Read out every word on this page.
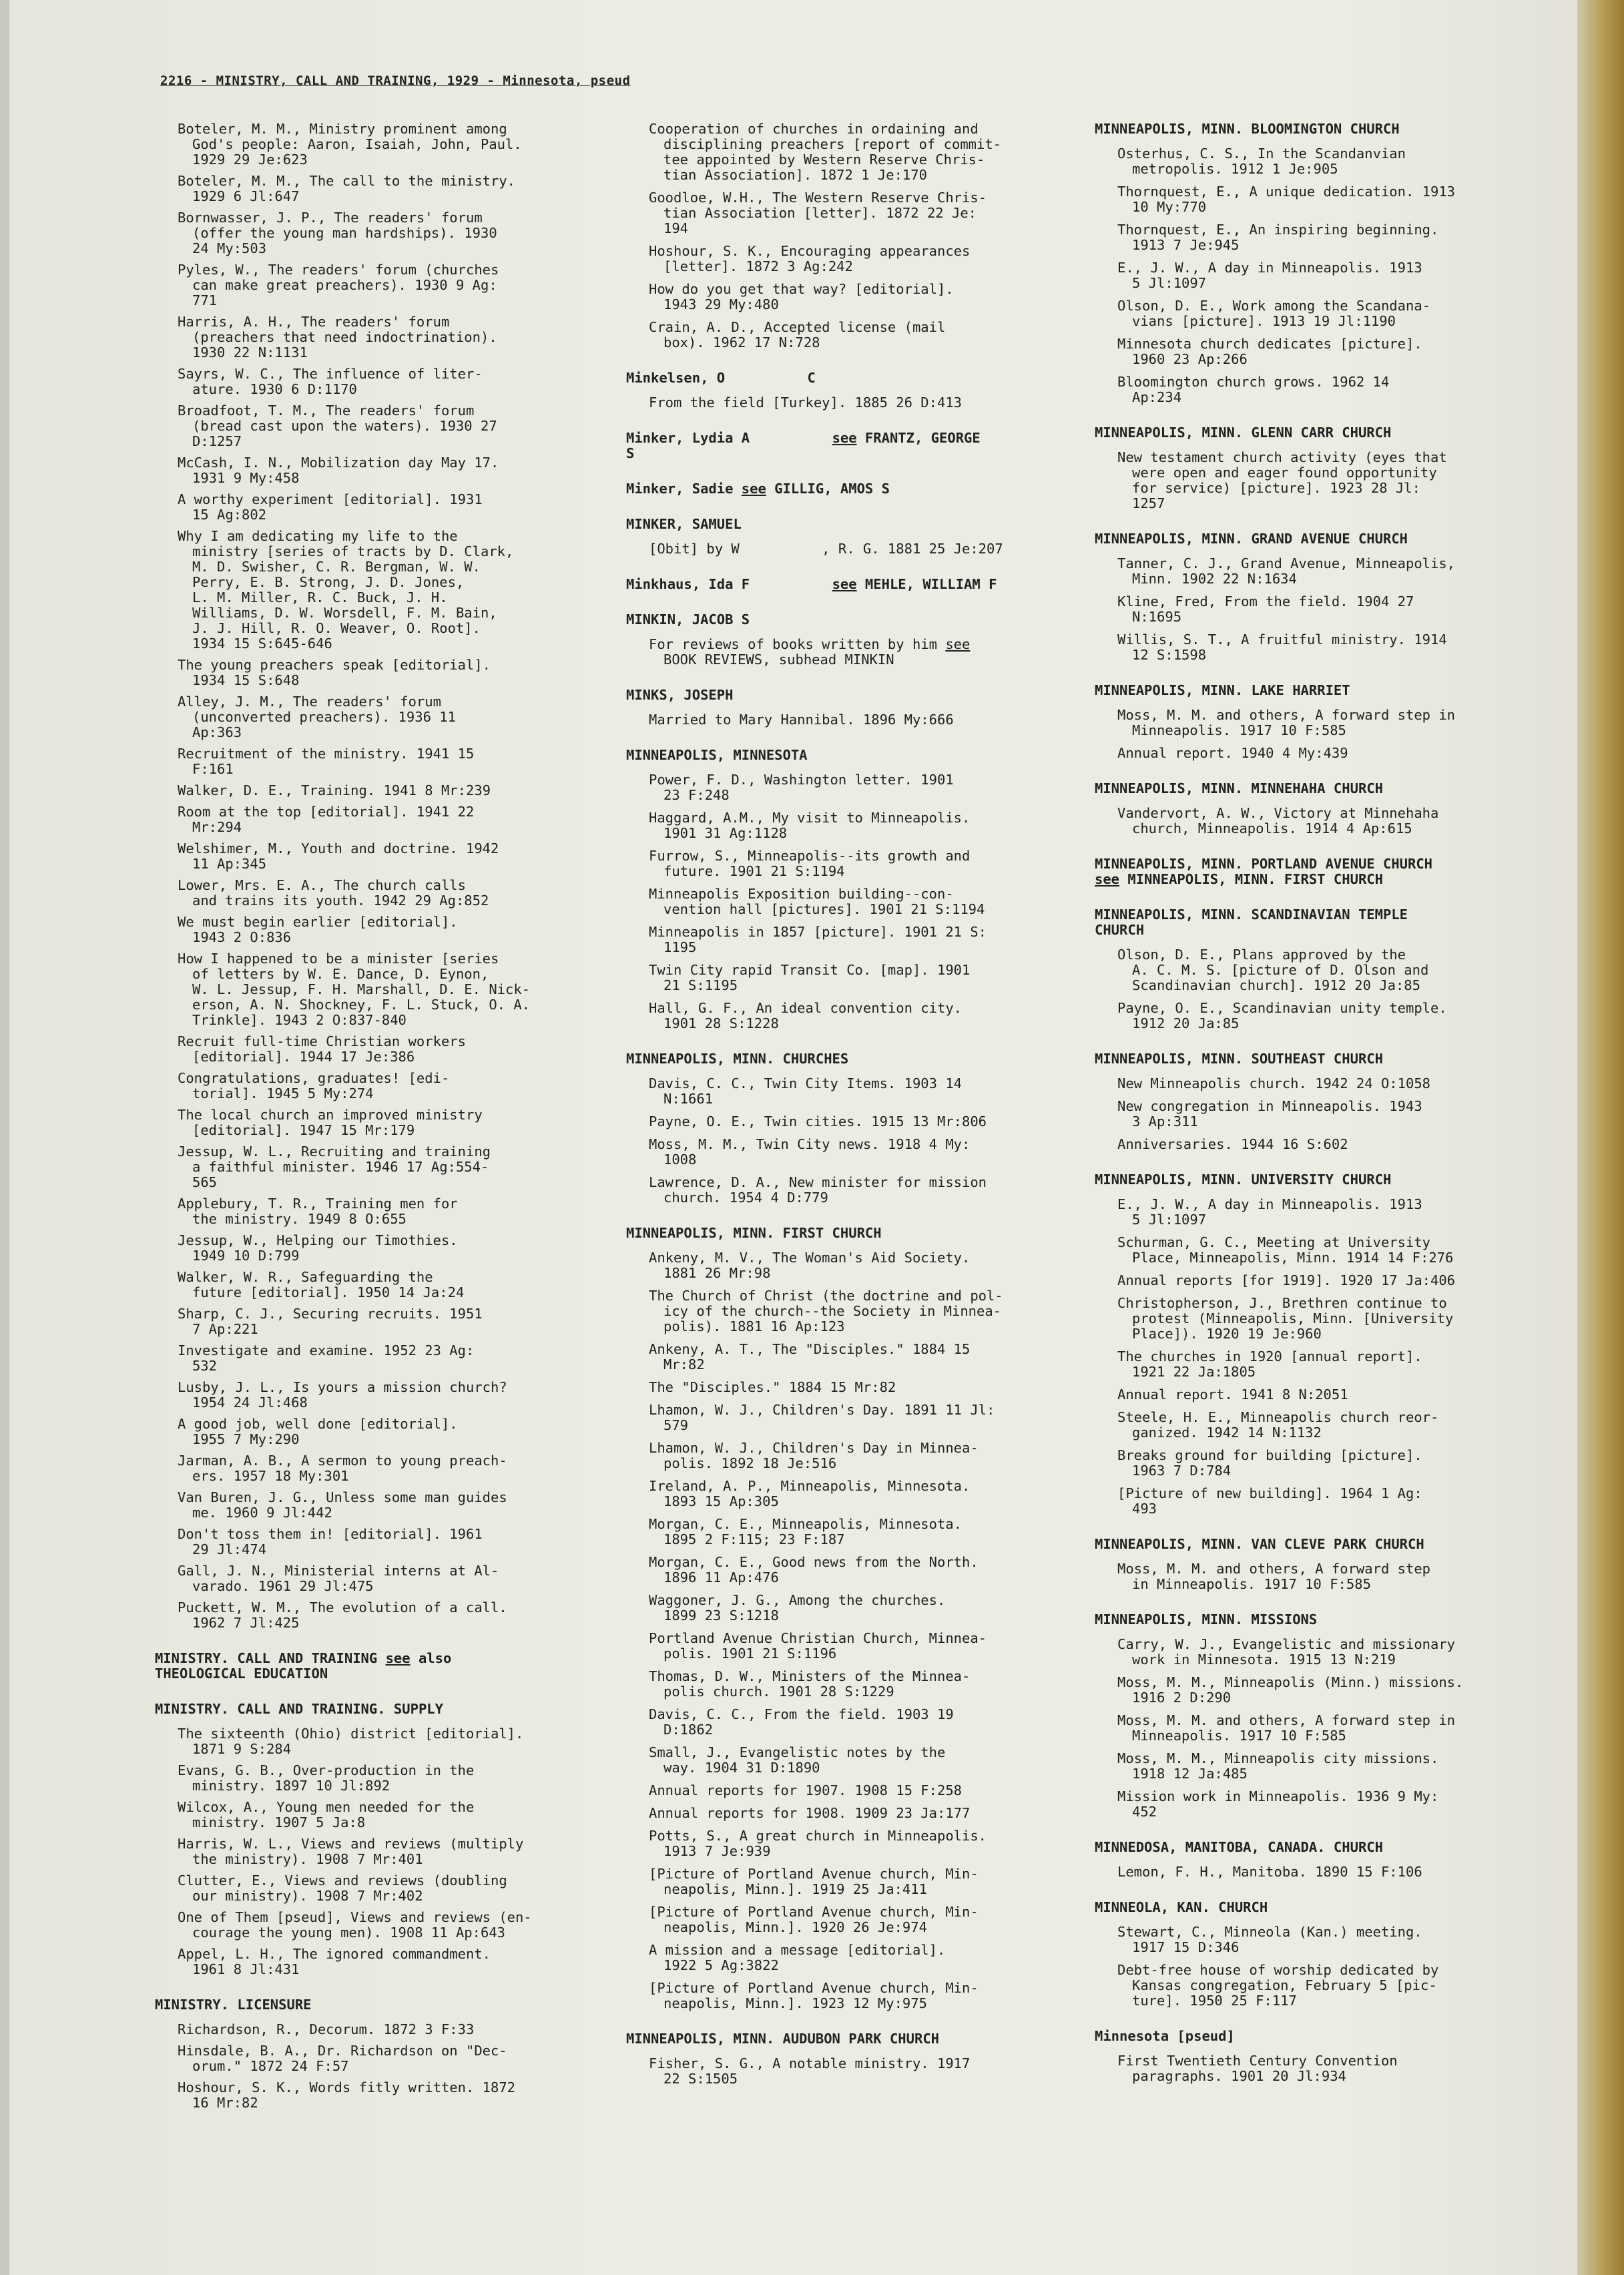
2216 - MINISTRY, CALL AND TRAINING, 1929 - Minnesota, pseud
Boteler, M. M., Ministry prominent among
God's people: Aaron, Isaiah, John, Paul.
1929 29 Je:623
Boteler, M. M., The call to the ministry.
1929 6 Jl:647
Bornwasser, J. P., The readers' forum
(offer the young man hardships). 1930
24 My:503
Pyles, W., The readers' forum (churches
can make great preachers). 1930 9 Ag:
771
Harris, A. H., The readers' forum
(preachers that need indoctrination).
1930 22 N:1131
Sayrs, W. C., The influence of liter-
ature. 1930 6 D:1170
Broadfoot, T. M., The readers' forum
(bread cast upon the waters). 1930 27
D:1257
McCash, I. N., Mobilization day May 17.
1931 9 My:458
A worthy experiment [editorial]. 1931
15 Ag:802
Why I am dedicating my life to the
ministry [series of tracts by D. Clark,
M. D. Swisher, C. R. Bergman, W. W.
Perry, E. B. Strong, J. D. Jones,
L. M. Miller, R. C. Buck, J. H.
Williams, D. W. Worsdell, F. M. Bain,
J. J. Hill, R. O. Weaver, O. Root].
1934 15 S:645-646
The young preachers speak [editorial].
1934 15 S:648
Alley, J. M., The readers' forum
(unconverted preachers). 1936 11
Ap:363
Recruitment of the ministry. 1941 15
F:161
Walker, D. E., Training. 1941 8 Mr:239
Room at the top [editorial]. 1941 22
Mr:294
Welshimer, M., Youth and doctrine. 1942
11 Ap:345
Lower, Mrs. E. A., The church calls
and trains its youth. 1942 29 Ag:852
We must begin earlier [editorial].
1943 2 O:836
How I happened to be a minister [series
of letters by W. E. Dance, D. Eynon,
W. L. Jessup, F. H. Marshall, D. E. Nick-
erson, A. N. Shockney, F. L. Stuck, O. A.
Trinkle]. 1943 2 O:837-840
Recruit full-time Christian workers
[editorial]. 1944 17 Je:386
Congratulations, graduates! [edi-
torial]. 1945 5 My:274
The local church an improved ministry
[editorial]. 1947 15 Mr:179
Jessup, W. L., Recruiting and training
a faithful minister. 1946 17 Ag:554-
565
Applebury, T. R., Training men for
the ministry. 1949 8 O:655
Jessup, W., Helping our Timothies.
1949 10 D:799
Walker, W. R., Safeguarding the
future [editorial]. 1950 14 Ja:24
Sharp, C. J., Securing recruits. 1951
7 Ap:221
Investigate and examine. 1952 23 Ag:
532
Lusby, J. L., Is yours a mission church?
1954 24 Jl:468
A good job, well done [editorial].
1955 7 My:290
Jarman, A. B., A sermon to young preach-
ers. 1957 18 My:301
Van Buren, J. G., Unless some man guides
me. 1960 9 Jl:442
Don't toss them in! [editorial]. 1961
29 Jl:474
Gall, J. N., Ministerial interns at Al-
varado. 1961 29 Jl:475
Puckett, W. M., The evolution of a call.
1962 7 Jl:425
MINISTRY. CALL AND TRAINING see also
THEOLOGICAL EDUCATION
MINISTRY. CALL AND TRAINING. SUPPLY
The sixteenth (Ohio) district [editorial].
1871 9 S:284
Evans, G. B., Over-production in the
ministry. 1897 10 Jl:892
Wilcox, A., Young men needed for the
ministry. 1907 5 Ja:8
Harris, W. L., Views and reviews (multiply
the ministry). 1908 7 Mr:401
Clutter, E., Views and reviews (doubling
our ministry). 1908 7 Mr:402
One of Them [pseud], Views and reviews (en-
courage the young men). 1908 11 Ap:643
Appel, L. H., The ignored commandment.
1961 8 Jl:431
MINISTRY. LICENSURE
Richardson, R., Decorum. 1872 3 F:33
Hinsdale, B. A., Dr. Richardson on "Dec-
orum." 1872 24 F:57
Hoshour, S. K., Words fitly written. 1872
16 Mr:82
Cooperation of churches in ordaining and
disciplining preachers [report of commit-
tee appointed by Western Reserve Chris-
tian Association]. 1872 1 Je:170
Goodloe, W.H., The Western Reserve Chris-
tian Association [letter]. 1872 22 Je:
194
Hoshour, S. K., Encouraging appearances
[letter]. 1872 3 Ag:242
How do you get that way? [editorial].
1943 29 My:480
Crain, A. D., Accepted license (mail
box). 1962 17 N:728
Minkelsen, O          C
From the field [Turkey]. 1885 26 D:413
Minker, Lydia A          see FRANTZ, GEORGE
S
Minker, Sadie see GILLIG, AMOS S
MINKER, SAMUEL
[Obit] by W          , R. G. 1881 25 Je:207
Minkhaus, Ida F          see MEHLE, WILLIAM F
MINKIN, JACOB S
For reviews of books written by him see
BOOK REVIEWS, subhead MINKIN
MINKS, JOSEPH
Married to Mary Hannibal. 1896 My:666
MINNEAPOLIS, MINNESOTA
Power, F. D., Washington letter. 1901
23 F:248
Haggard, A.M., My visit to Minneapolis.
1901 31 Ag:1128
Furrow, S., Minneapolis--its growth and
future. 1901 21 S:1194
Minneapolis Exposition building--con-
vention hall [pictures]. 1901 21 S:1194
Minneapolis in 1857 [picture]. 1901 21 S:
1195
Twin City rapid Transit Co. [map]. 1901
21 S:1195
Hall, G. F., An ideal convention city.
1901 28 S:1228
MINNEAPOLIS, MINN. CHURCHES
Davis, C. C., Twin City Items. 1903 14
N:1661
Payne, O. E., Twin cities. 1915 13 Mr:806
Moss, M. M., Twin City news. 1918 4 My:
1008
Lawrence, D. A., New minister for mission
church. 1954 4 D:779
MINNEAPOLIS, MINN. FIRST CHURCH
Ankeny, M. V., The Woman's Aid Society.
1881 26 Mr:98
The Church of Christ (the doctrine and pol-
icy of the church--the Society in Minnea-
polis). 1881 16 Ap:123
Ankeny, A. T., The "Disciples." 1884 15
Mr:82
The "Disciples." 1884 15 Mr:82
Lhamon, W. J., Children's Day. 1891 11 Jl:
579
Lhamon, W. J., Children's Day in Minnea-
polis. 1892 18 Je:516
Ireland, A. P., Minneapolis, Minnesota.
1893 15 Ap:305
Morgan, C. E., Minneapolis, Minnesota.
1895 2 F:115; 23 F:187
Morgan, C. E., Good news from the North.
1896 11 Ap:476
Waggoner, J. G., Among the churches.
1899 23 S:1218
Portland Avenue Christian Church, Minnea-
polis. 1901 21 S:1196
Thomas, D. W., Ministers of the Minnea-
polis church. 1901 28 S:1229
Davis, C. C., From the field. 1903 19
D:1862
Small, J., Evangelistic notes by the
way. 1904 31 D:1890
Annual reports for 1907. 1908 15 F:258
Annual reports for 1908. 1909 23 Ja:177
Potts, S., A great church in Minneapolis.
1913 7 Je:939
[Picture of Portland Avenue church, Min-
neapolis, Minn.]. 1919 25 Ja:411
[Picture of Portland Avenue church, Min-
neapolis, Minn.]. 1920 26 Je:974
A mission and a message [editorial].
1922 5 Ag:3822
[Picture of Portland Avenue church, Min-
neapolis, Minn.]. 1923 12 My:975
MINNEAPOLIS, MINN. AUDUBON PARK CHURCH
Fisher, S. G., A notable ministry. 1917
22 S:1505
MINNEAPOLIS, MINN. BLOOMINGTON CHURCH
Osterhus, C. S., In the Scandanvian
metropolis. 1912 1 Je:905
Thornquest, E., A unique dedication. 1913
10 My:770
Thornquest, E., An inspiring beginning.
1913 7 Je:945
E., J. W., A day in Minneapolis. 1913
5 Jl:1097
Olson, D. E., Work among the Scandana-
vians [picture]. 1913 19 Jl:1190
Minnesota church dedicates [picture].
1960 23 Ap:266
Bloomington church grows. 1962 14
Ap:234
MINNEAPOLIS, MINN. GLENN CARR CHURCH
New testament church activity (eyes that
were open and eager found opportunity
for service) [picture]. 1923 28 Jl:
1257
MINNEAPOLIS, MINN. GRAND AVENUE CHURCH
Tanner, C. J., Grand Avenue, Minneapolis,
Minn. 1902 22 N:1634
Kline, Fred, From the field. 1904 27
N:1695
Willis, S. T., A fruitful ministry. 1914
12 S:1598
MINNEAPOLIS, MINN. LAKE HARRIET
Moss, M. M. and others, A forward step in
Minneapolis. 1917 10 F:585
Annual report. 1940 4 My:439
MINNEAPOLIS, MINN. MINNEHAHA CHURCH
Vandervort, A. W., Victory at Minnehaha
church, Minneapolis. 1914 4 Ap:615
MINNEAPOLIS, MINN. PORTLAND AVENUE CHURCH
see MINNEAPOLIS, MINN. FIRST CHURCH
MINNEAPOLIS, MINN. SCANDINAVIAN TEMPLE
CHURCH
Olson, D. E., Plans approved by the
A. C. M. S. [picture of D. Olson and
Scandinavian church]. 1912 20 Ja:85
Payne, O. E., Scandinavian unity temple.
1912 20 Ja:85
MINNEAPOLIS, MINN. SOUTHEAST CHURCH
New Minneapolis church. 1942 24 O:1058
New congregation in Minneapolis. 1943
3 Ap:311
Anniversaries. 1944 16 S:602
MINNEAPOLIS, MINN. UNIVERSITY CHURCH
E., J. W., A day in Minneapolis. 1913
5 Jl:1097
Schurman, G. C., Meeting at University
Place, Minneapolis, Minn. 1914 14 F:276
Annual reports [for 1919]. 1920 17 Ja:406
Christopherson, J., Brethren continue to
protest (Minneapolis, Minn. [University
Place]). 1920 19 Je:960
The churches in 1920 [annual report].
1921 22 Ja:1805
Annual report. 1941 8 N:2051
Steele, H. E., Minneapolis church reor-
ganized. 1942 14 N:1132
Breaks ground for building [picture].
1963 7 D:784
[Picture of new building]. 1964 1 Ag:
493
MINNEAPOLIS, MINN. VAN CLEVE PARK CHURCH
Moss, M. M. and others, A forward step
in Minneapolis. 1917 10 F:585
MINNEAPOLIS, MINN. MISSIONS
Carry, W. J., Evangelistic and missionary
work in Minnesota. 1915 13 N:219
Moss, M. M., Minneapolis (Minn.) missions.
1916 2 D:290
Moss, M. M. and others, A forward step in
Minneapolis. 1917 10 F:585
Moss, M. M., Minneapolis city missions.
1918 12 Ja:485
Mission work in Minneapolis. 1936 9 My:
452
MINNEDOSA, MANITOBA, CANADA. CHURCH
Lemon, F. H., Manitoba. 1890 15 F:106
MINNEOLA, KAN. CHURCH
Stewart, C., Minneola (Kan.) meeting.
1917 15 D:346
Debt-free house of worship dedicated by
Kansas congregation, February 5 [pic-
ture]. 1950 25 F:117
Minnesota [pseud]
First Twentieth Century Convention
paragraphs. 1901 20 Jl:934
